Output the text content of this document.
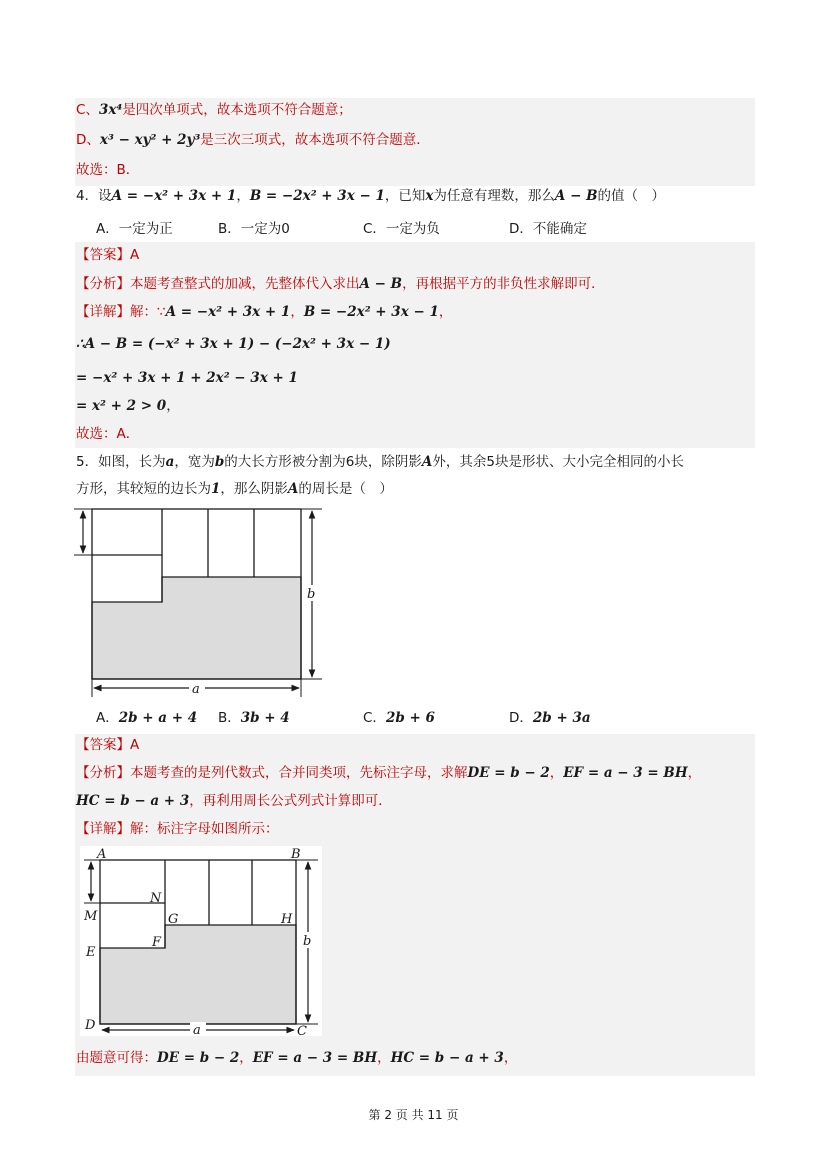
C、3x⁴是四次单项式，故本选项不符合题意；
D、x³ − xy² + 2y³是三次三项式，故本选项不符合题意．
故选：B．
4．设A = −x² + 3x + 1，B = −2x² + 3x − 1，已知x为任意有理数，那么A − B的值（　）
A．一定为正	B．一定为0	C．一定为负	D．不能确定
【答案】A
【分析】本题考查整式的加减，先整体代入求出A − B，再根据平方的非负性求解即可．
【详解】解：∵A = −x² + 3x + 1，B = −2x² + 3x − 1，
∴A − B = (−x² + 3x + 1) − (−2x² + 3x − 1)
= −x² + 3x + 1 + 2x² − 3x + 1
= x² + 2 > 0，
故选：A．
5．如图，长为a，宽为b的大长方形被分割为6块，除阴影A外，其余5块是形状、大小完全相同的小长
方形，其较短的边长为1，那么阴影A的周长是（　）
a
b
A．2b + a + 4 B．3b + 4	C．2b + 6	D．2b + 3a
【答案】A
【分析】本题考查的是列代数式，合并同类项，先标注字母，求解DE = b − 2，EF = a − 3 = BH，
HC = b − a + 3，再利用周长公式列式计算即可．
【详解】解：标注字母如图所示：
a
b
A	B
M
N
G	H
F
E
D	C
由题意可得：DE = b − 2，EF = a − 3 = BH，HC = b − a + 3，
第 2 页 共 11 页
